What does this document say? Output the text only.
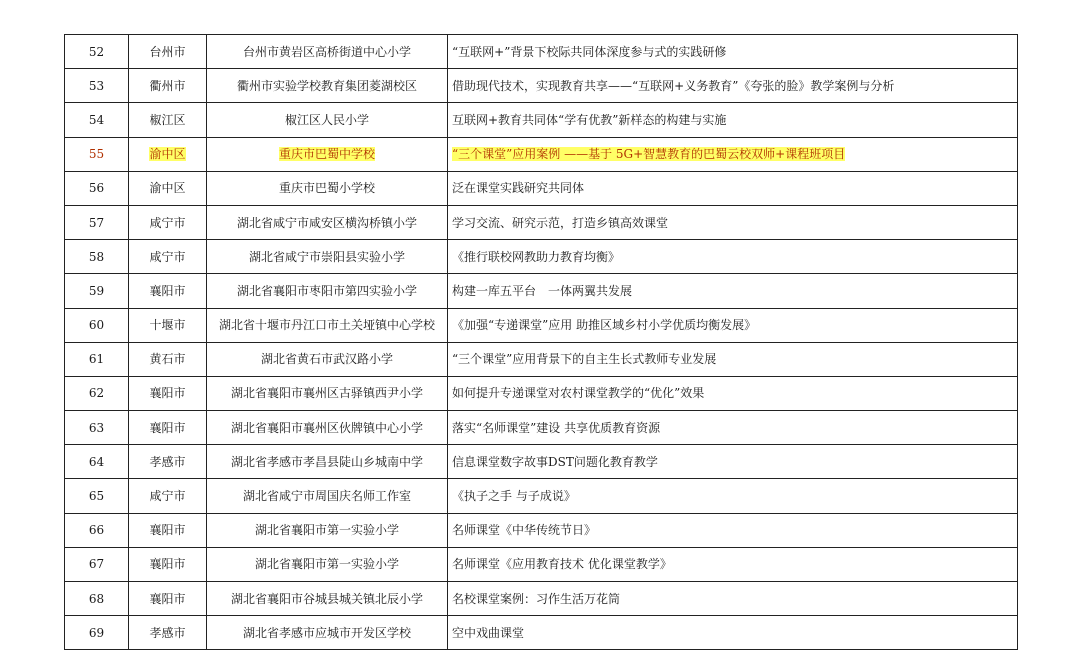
52	台州市	台州市黄岩区高桥街道中心小学	“互联网+”背景下校际共同体深度参与式的实践研修
53	衢州市	衢州市实验学校教育集团菱湖校区	借助现代技术，实现教育共享——“互联网+义务教育”《夸张的脸》教学案例与分析
54	椒江区	椒江区人民小学	互联网+教育共同体“学有优教”新样态的构建与实施
55	渝中区	重庆市巴蜀中学校	“三个课堂”应用案例 ——基于 5G+智慧教育的巴蜀云校双师+课程班项目
56	渝中区	重庆市巴蜀小学校	泛在课堂实践研究共同体
57	咸宁市	湖北省咸宁市咸安区横沟桥镇小学	学习交流、研究示范，打造乡镇高效课堂
58	咸宁市	湖北省咸宁市崇阳县实验小学	《推行联校网教助力教育均衡》
59	襄阳市	湖北省襄阳市枣阳市第四实验小学	构建一库五平台　一体两翼共发展
60	十堰市	湖北省十堰市丹江口市土关垭镇中心学校	《加强“专递课堂”应用 助推区域乡村小学优质均衡发展》
61	黄石市	湖北省黄石市武汉路小学	“三个课堂”应用背景下的自主生长式教师专业发展
62	襄阳市	湖北省襄阳市襄州区古驿镇西尹小学	如何提升专递课堂对农村课堂教学的“优化”效果
63	襄阳市	湖北省襄阳市襄州区伙牌镇中心小学	落实“名师课堂”建设 共享优质教育资源
64	孝感市	湖北省孝感市孝昌县陡山乡城南中学	信息课堂数字故事DST问题化教育教学
65	咸宁市	湖北省咸宁市周国庆名师工作室	《执子之手 与子成说》
66	襄阳市	湖北省襄阳市第一实验小学	名师课堂《中华传统节日》
67	襄阳市	湖北省襄阳市第一实验小学	名师课堂《应用教育技术 优化课堂教学》
68	襄阳市	湖北省襄阳市谷城县城关镇北辰小学	名校课堂案例：习作生活万花筒
69	孝感市	湖北省孝感市应城市开发区学校	空中戏曲课堂
